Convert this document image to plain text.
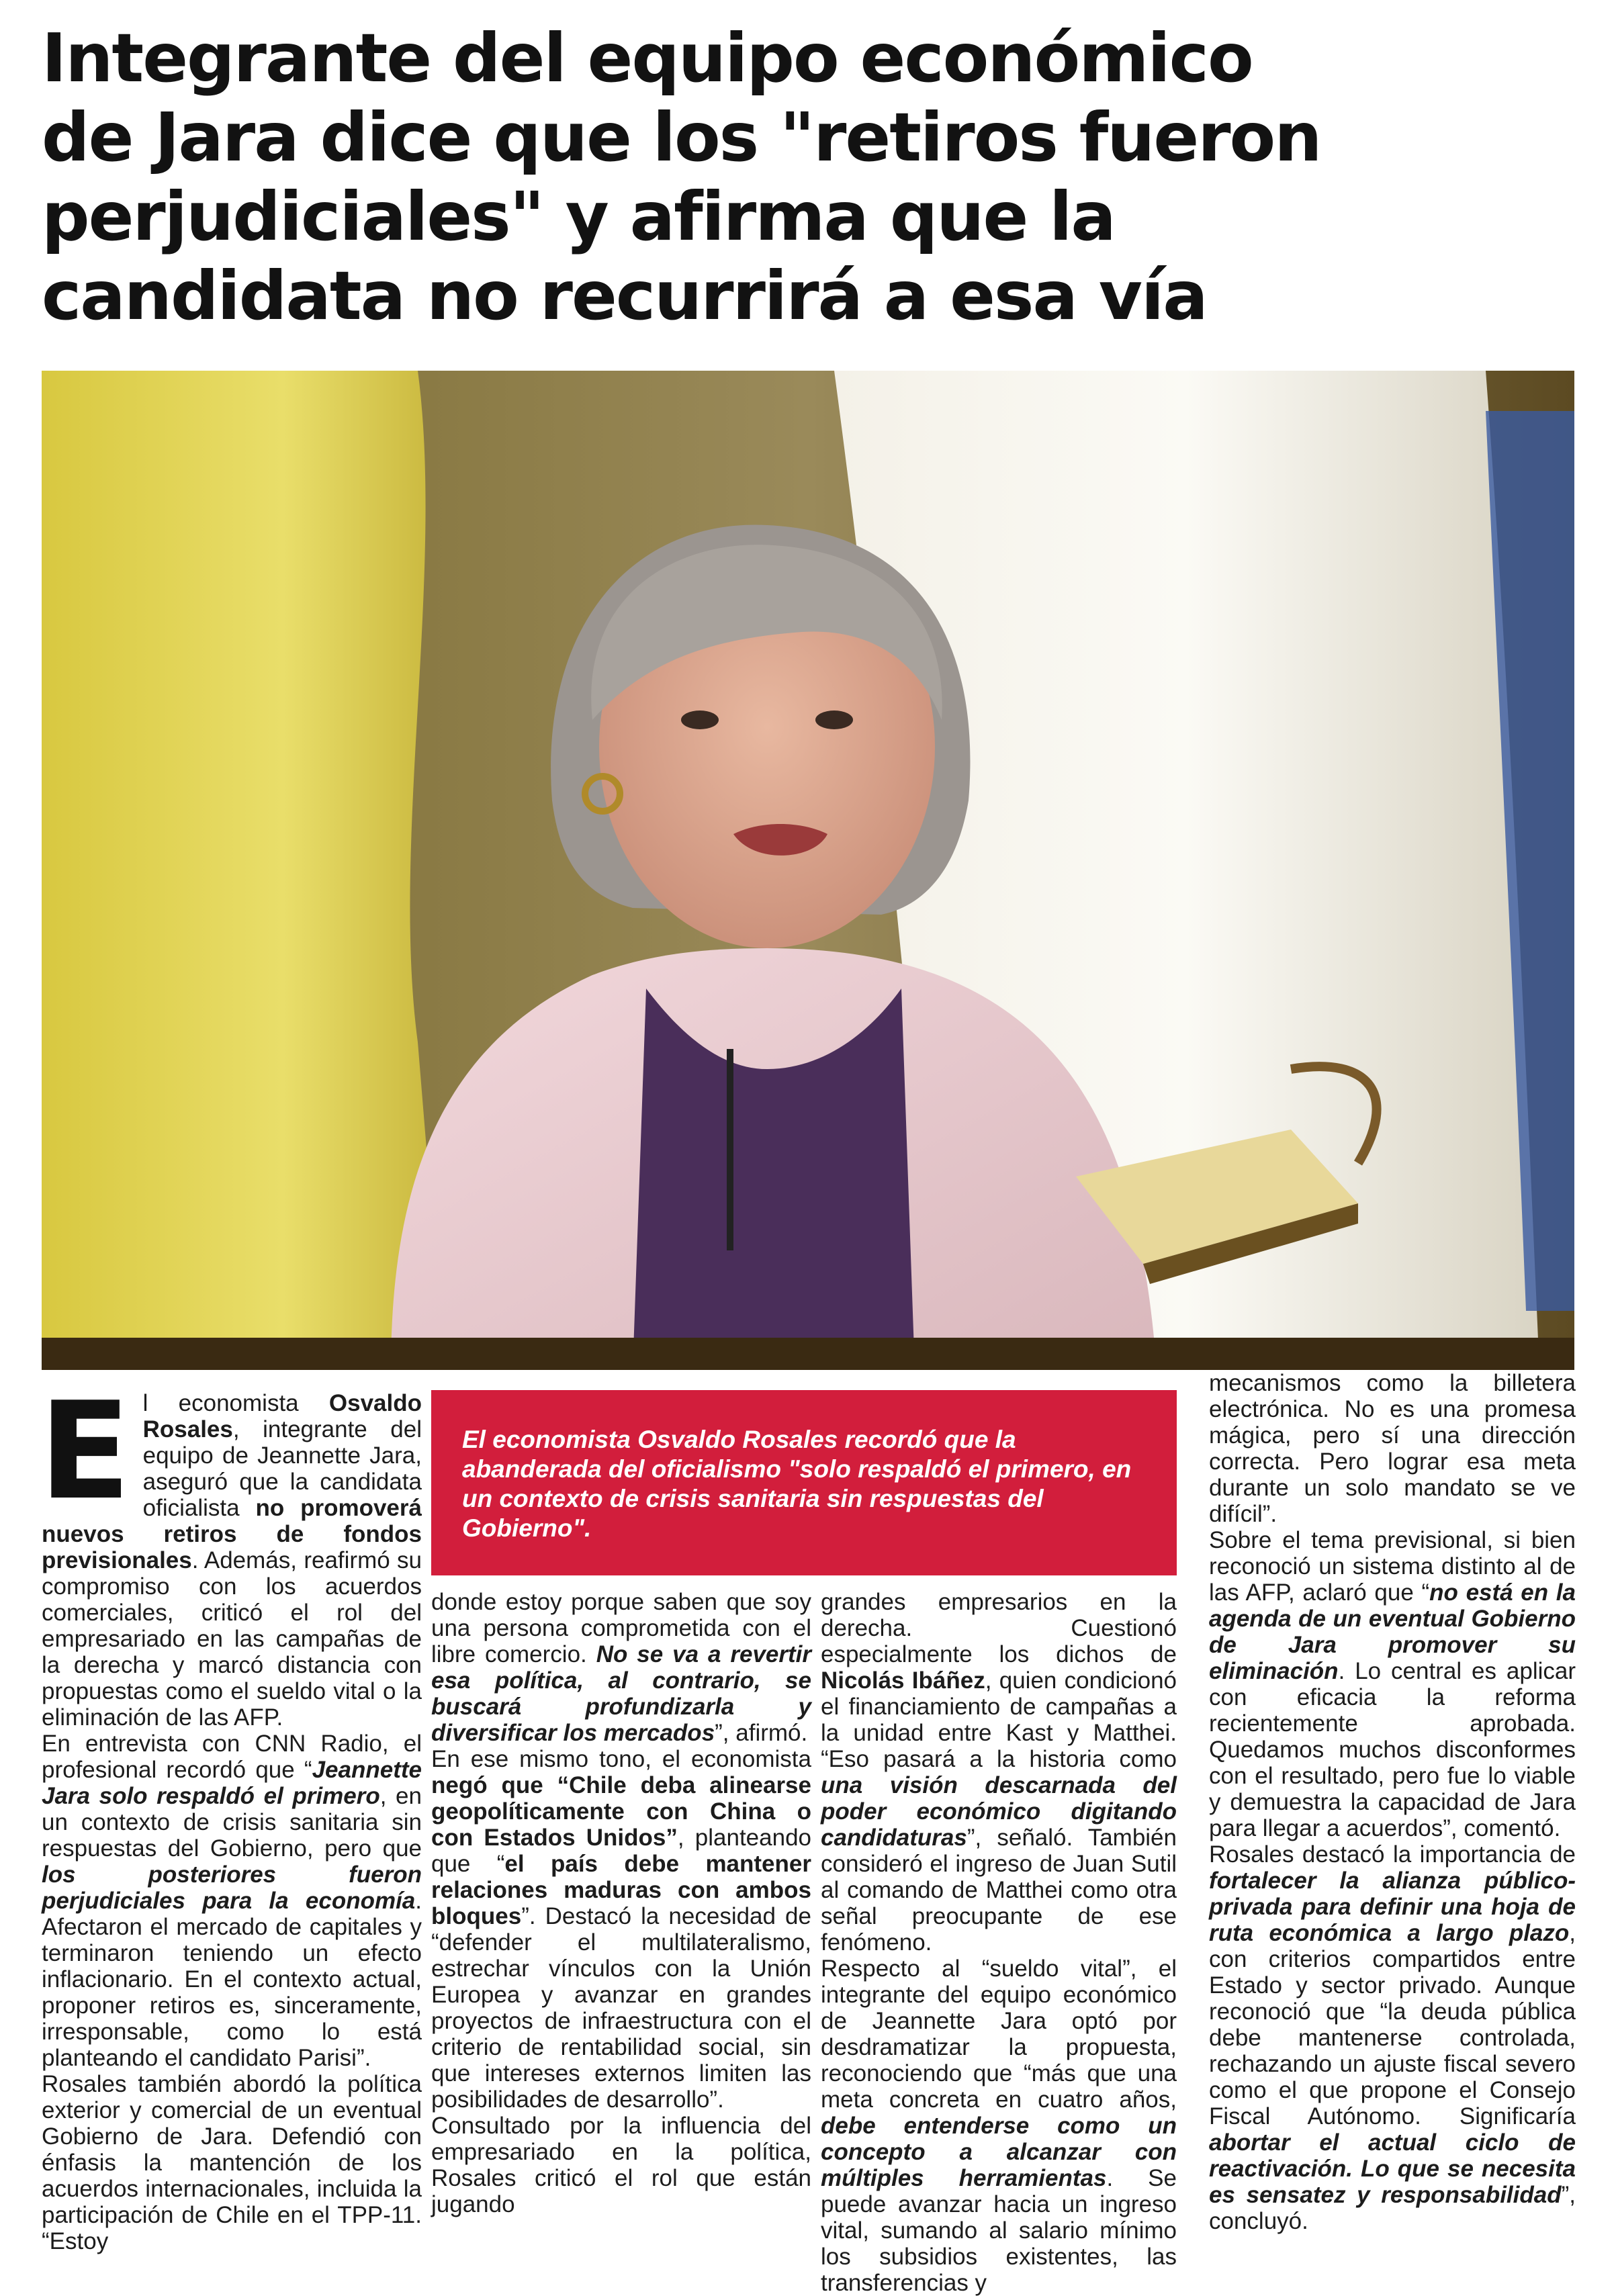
Integrante del equipo económico
de Jara dice que los "retiros fueron
perjudiciales" y afirma que la
candidata no recurrirá a esa vía

El economista Osvaldo Rosales, integrante del equipo de Jeannette Jara, aseguró que la candidata oficialista no promoverá nuevos retiros de fondos previsionales. Además, reafirmó su compromiso con los acuerdos comerciales, criticó el rol del empresariado en las campañas de la derecha y marcó distancia con propuestas como el sueldo vital o la eliminación de las AFP.

En entrevista con CNN Radio, el profesional recordó que “Jeannette Jara solo respaldó el primero, en un contexto de crisis sanitaria sin respuestas del Gobierno, pero que los posteriores fueron perjudiciales para la economía. Afectaron el mercado de capitales y terminaron teniendo un efecto inflacionario. En el contexto actual, proponer retiros es, sinceramente, irresponsable, como lo está planteando el candidato Parisi”.

Rosales también abordó la política exterior y comercial de un eventual Gobierno de Jara. Defendió con énfasis la mantención de los acuerdos internacionales, incluida la participación de Chile en el TPP-11. “Estoy

El economista Osvaldo Rosales recordó que la abanderada del oficialismo "solo respaldó el primero, en un contexto de crisis sanitaria sin respuestas del Gobierno".

donde estoy porque saben que soy una persona comprometida con el libre comercio. No se va a revertir esa política, al contrario, se buscará profundizarla y diversificar los mercados”, afirmó.

En ese mismo tono, el economista negó que “Chile deba alinearse geopolíticamente con China o con Estados Unidos”, planteando que “el país debe mantener relaciones maduras con ambos bloques”. Destacó la necesidad de “defender el multilateralismo, estrechar vínculos con la Unión Europea y avanzar en grandes proyectos de infraestructura con el criterio de rentabilidad social, sin que intereses externos limiten las posibilidades de desarrollo”.

Consultado por la influencia del empresariado en la política, Rosales criticó el rol que están jugando

grandes empresarios en la derecha. Cuestionó especialmente los dichos de Nicolás Ibáñez, quien condicionó el financiamiento de campañas a la unidad entre Kast y Matthei. “Eso pasará a la historia como una visión descarnada del poder económico digitando candidaturas”, señaló. También consideró el ingreso de Juan Sutil al comando de Matthei como otra señal preocupante de ese fenómeno.

Respecto al “sueldo vital”, el integrante del equipo económico de Jeannette Jara optó por desdramatizar la propuesta, reconociendo que “más que una meta concreta en cuatro años, debe entenderse como un concepto a alcanzar con múltiples herramientas. Se puede avanzar hacia un ingreso vital, sumando al salario mínimo los subsidios existentes, las transferencias y

mecanismos como la billetera electrónica. No es una promesa mágica, pero sí una dirección correcta. Pero lograr esa meta durante un solo mandato se ve difícil”.

Sobre el tema previsional, si bien reconoció un sistema distinto al de las AFP, aclaró que “no está en la agenda de un eventual Gobierno de Jara promover su eliminación. Lo central es aplicar con eficacia la reforma recientemente aprobada. Quedamos muchos disconformes con el resultado, pero fue lo viable y demuestra la capacidad de Jara para llegar a acuerdos”, comentó.

Rosales destacó la importancia de fortalecer la alianza público-privada para definir una hoja de ruta económica a largo plazo, con criterios compartidos entre Estado y sector privado. Aunque reconoció que “la deuda pública debe mantenerse controlada, rechazando un ajuste fiscal severo como el que propone el Consejo Fiscal Autónomo. Significaría abortar el actual ciclo de reactivación. Lo que se necesita es sensatez y responsabilidad”, concluyó.
